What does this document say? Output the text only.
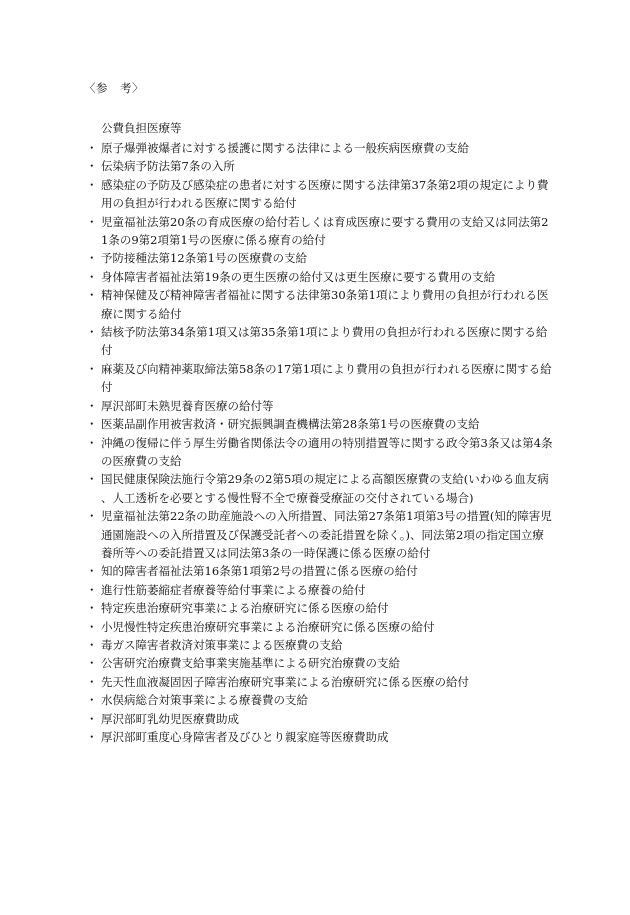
〈参　考〉
公費負担医療等
・ 原子爆弾被爆者に対する援護に関する法律による一般疾病医療費の支給
・ 伝染病予防法第7条の入所
・ 感染症の予防及び感染症の患者に対する医療に関する法律第37条第2項の規定により費用の負担が行われる医療に関する給付
・ 児童福祉法第20条の育成医療の給付若しくは育成医療に要する費用の支給又は同法第21条の9第2項第1号の医療に係る療育の給付
・ 予防接種法第12条第1号の医療費の支給
・ 身体障害者福祉法第19条の更生医療の給付又は更生医療に要する費用の支給
・ 精神保健及び精神障害者福祉に関する法律第30条第1項により費用の負担が行われる医療に関する給付
・ 結核予防法第34条第1項又は第35条第1項により費用の負担が行われる医療に関する給付
・ 麻薬及び向精神薬取締法第58条の17第1項により費用の負担が行われる医療に関する給付
・ 厚沢部町未熟児養育医療の給付等
・ 医薬品副作用被害救済・研究振興調査機構法第28条第1号の医療費の支給
・ 沖縄の復帰に伴う厚生労働省関係法令の適用の特別措置等に関する政令第3条又は第4条の医療費の支給
・ 国民健康保険法施行令第29条の2第5項の規定による高額医療費の支給(いわゆる血友病、人工透析を必要とする慢性腎不全で療養受療証の交付されている場合)
・ 児童福祉法第22条の助産施設への入所措置、同法第27条第1項第3号の措置(知的障害児通園施設への入所措置及び保護受託者への委託措置を除く。)、同法第2項の指定国立療養所等への委託措置又は同法第3条の一時保護に係る医療の給付
・ 知的障害者福祉法第16条第1項第2号の措置に係る医療の給付
・ 進行性筋萎縮症者療養等給付事業による療養の給付
・ 特定疾患治療研究事業による治療研究に係る医療の給付
・ 小児慢性特定疾患治療研究事業による治療研究に係る医療の給付
・ 毒ガス障害者救済対策事業による医療費の支給
・ 公害研究治療費支給事業実施基準による研究治療費の支給
・ 先天性血液凝固因子障害治療研究事業による治療研究に係る医療の給付
・ 水俣病総合対策事業による療養費の支給
・ 厚沢部町乳幼児医療費助成
・ 厚沢部町重度心身障害者及びひとり親家庭等医療費助成
